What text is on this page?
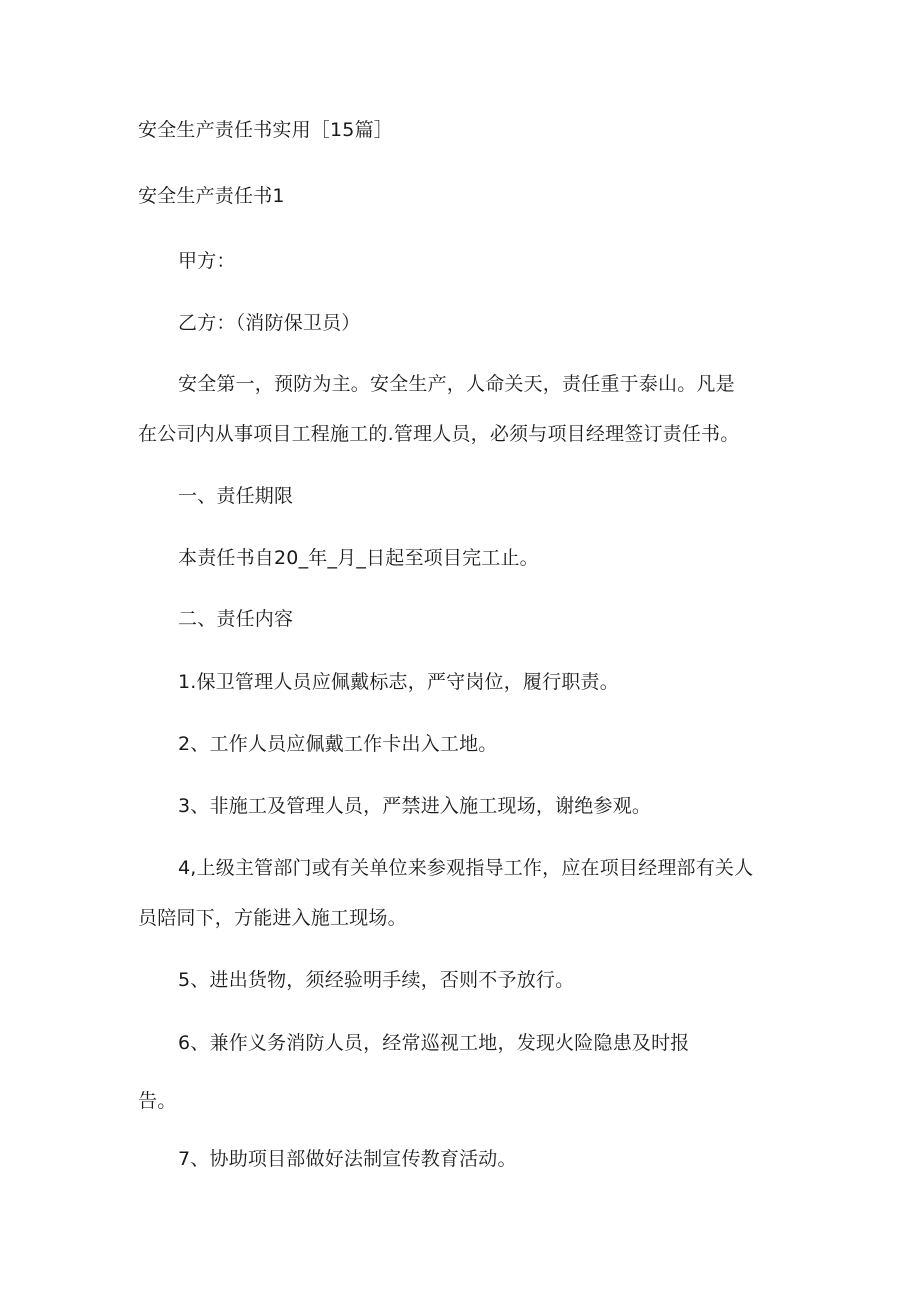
安全生产责任书实用［15篇］

安全生产责任书1

甲方：

乙方：（消防保卫员）

安全第一，预防为主。安全生产，人命关天，责任重于泰山。凡是

在公司内从事项目工程施工的.管理人员，必须与项目经理签订责任书。

一、责任期限

本责任书自20_年_月_日起至项目完工止。

二、责任内容

1.保卫管理人员应佩戴标志，严守岗位，履行职责。

2、工作人员应佩戴工作卡出入工地。

3、非施工及管理人员，严禁进入施工现场，谢绝参观。

4,上级主管部门或有关单位来参观指导工作，应在项目经理部有关人

员陪同下，方能进入施工现场。

5、进出货物，须经验明手续，否则不予放行。

6、兼作义务消防人员，经常巡视工地，发现火险隐患及时报

告。

7、协助项目部做好法制宣传教育活动。
